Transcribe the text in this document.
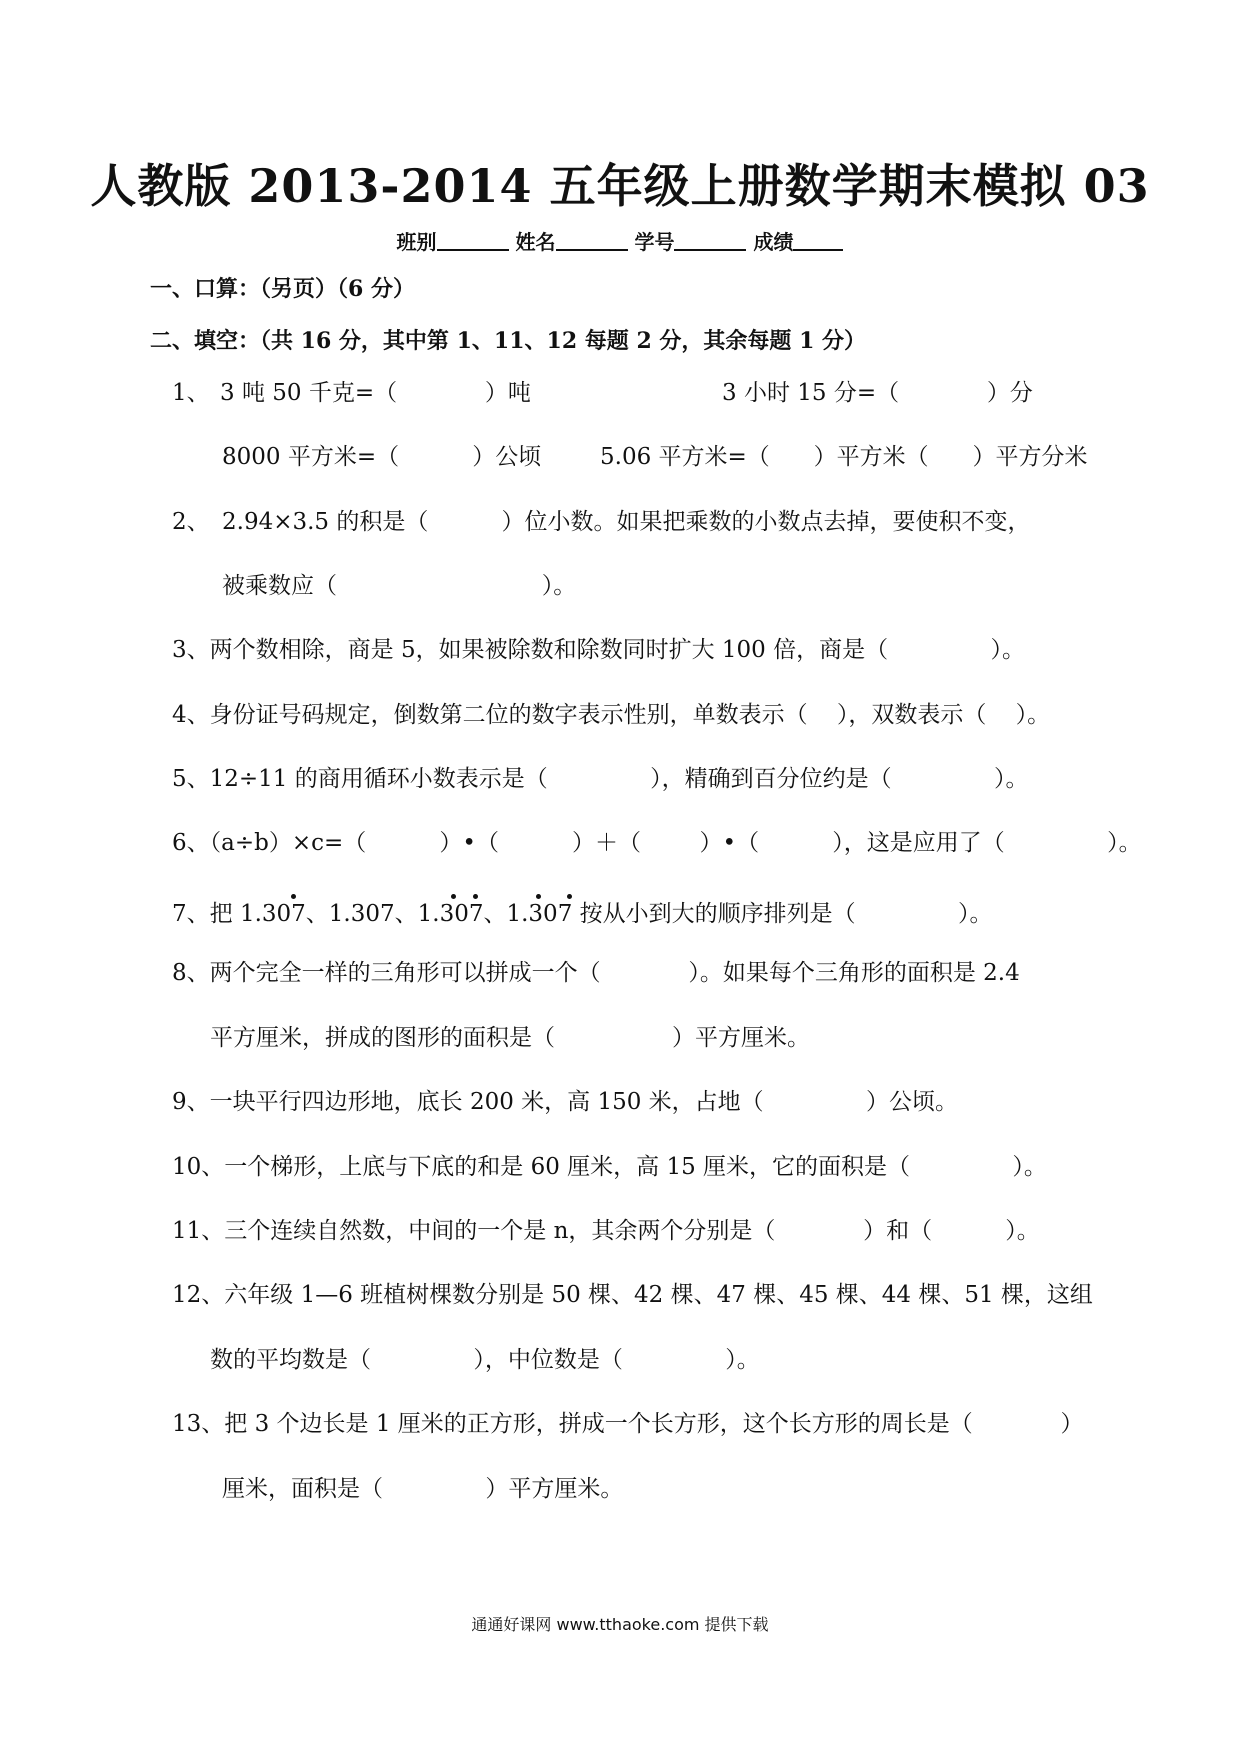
人教版 2013-2014 五年级上册数学期末模拟 03
班别	姓名	学号	成绩
一、口算：（另页）（6 分）
二、填空：（共 16 分，其中第 1、11、12 每题 2 分，其余每题 1 分）
1、 3 吨 50 千克=（            ）吨	3 小时 15 分=（            ）分
8000 平方米=（          ）公顷	5.06 平方米=（      ）平方米（      ）平方分米
2、 2.94×3.5 的积是（          ）位小数。如果把乘数的小数点去掉，要使积不变，
被乘数应（                            ）。
3、两个数相除，商是 5，如果被除数和除数同时扩大 100 倍，商是（              ）。
4、身份证号码规定，倒数第二位的数字表示性别，单数表示（    ），双数表示（    ）。
5、12÷11 的商用循环小数表示是（              ），精确到百分位约是（              ）。
6、（a÷b）×c=（          ）•（          ）＋（        ）•（          ），这是应用了（              ）。
7、把 1.307、1.307、1.307、1.307 按从小到大的顺序排列是（              ）。
8、两个完全一样的三角形可以拼成一个（            ）。如果每个三角形的面积是 2.4
平方厘米，拼成的图形的面积是（                ）平方厘米。
9、一块平行四边形地，底长 200 米，高 150 米，占地（              ）公顷。
10、一个梯形，上底与下底的和是 60 厘米，高 15 厘米，它的面积是（              ）。
11、三个连续自然数，中间的一个是 n，其余两个分别是（            ）和（          ）。
12、六年级 1—6 班植树棵数分别是 50 棵、42 棵、47 棵、45 棵、44 棵、51 棵，这组
数的平均数是（              ），中位数是（              ）。
13、把 3 个边长是 1 厘米的正方形，拼成一个长方形，这个长方形的周长是（            ）
厘米，面积是（              ）平方厘米。
通通好课网 www.tthaoke.com 提供下载
